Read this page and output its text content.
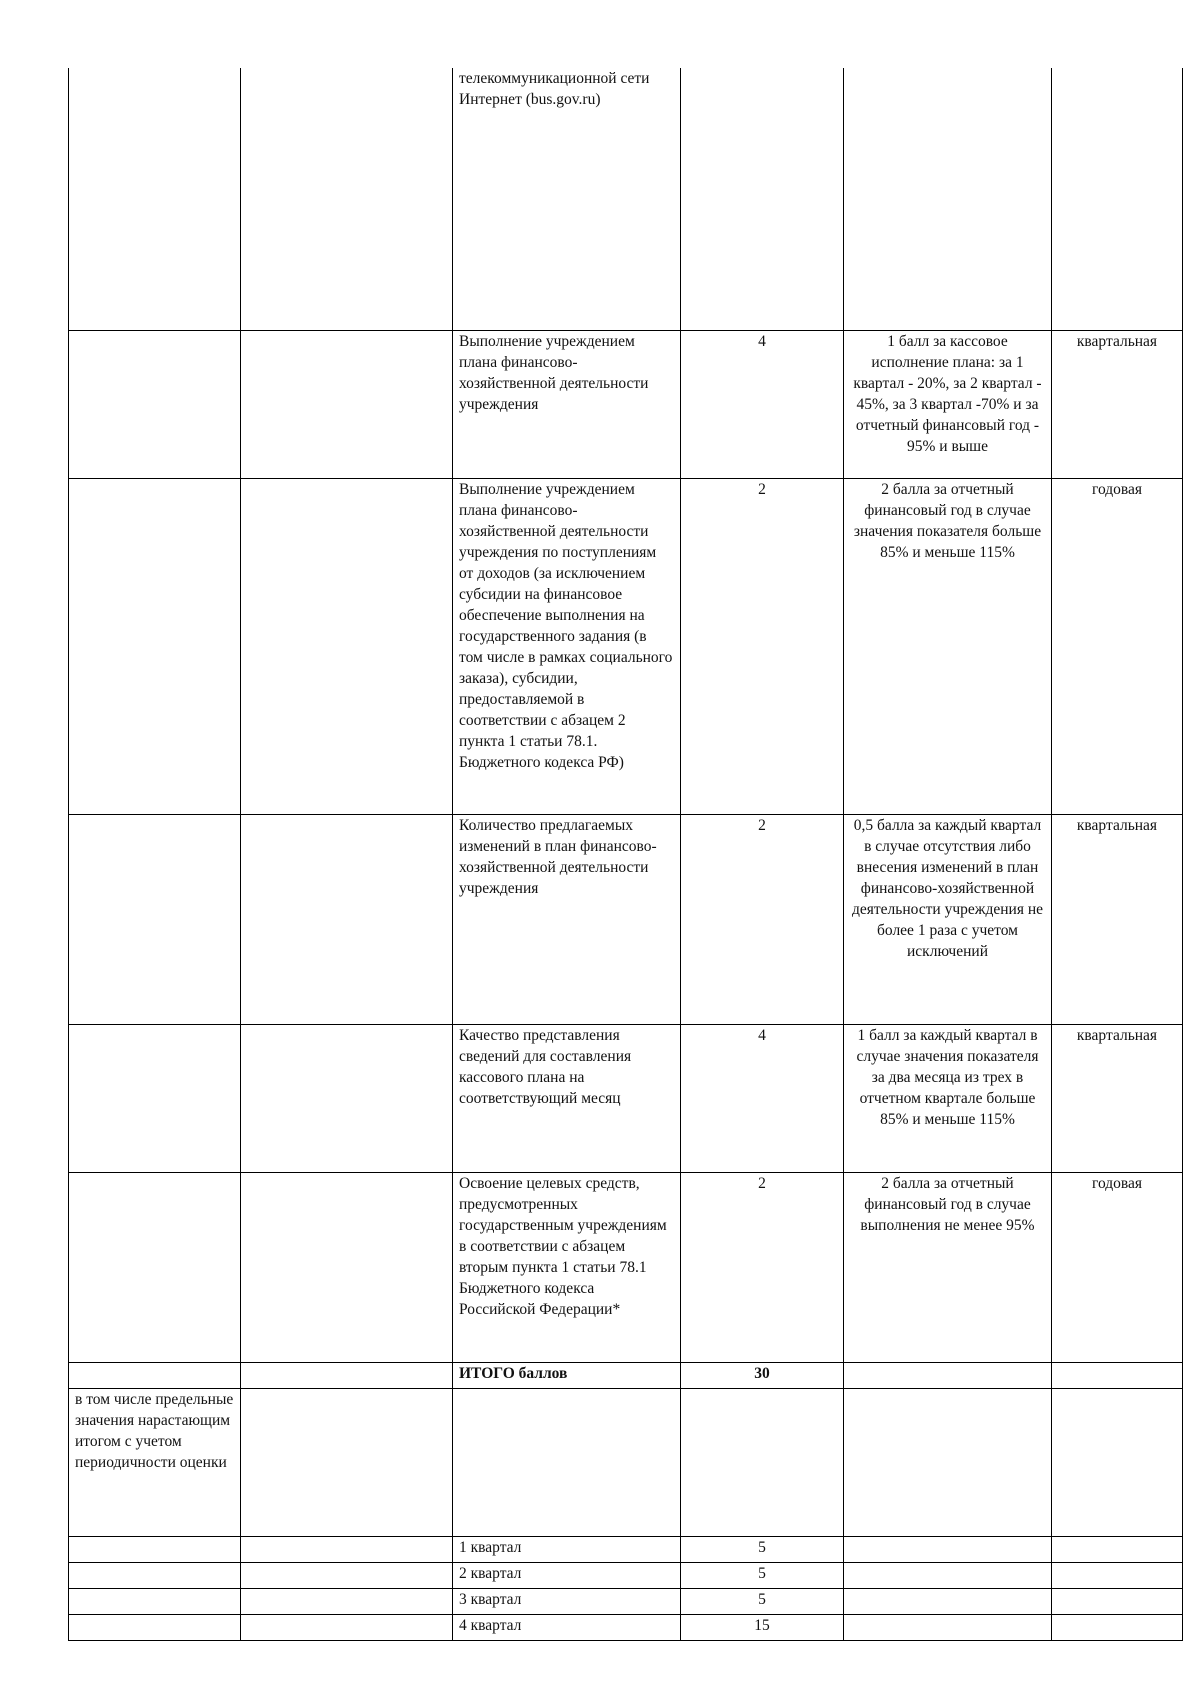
		телекоммуникационной сети Интернет (bus.gov.ru)			
		Выполнение учреждением плана финансово-хозяйственной деятельности учреждения	4	1 балл за кассовое исполнение плана: за 1 квартал - 20%, за 2 квартал - 45%, за 3 квартал -70% и за отчетный финансовый год - 95% и выше	квартальная
		Выполнение учреждением плана финансово-хозяйственной деятельности учреждения по поступлениям от доходов (за исключением субсидии на финансовое обеспечение выполнения на государственного задания (в том числе в рамках социального заказа), субсидии, предоставляемой в соответствии с абзацем 2 пункта 1 статьи 78.1. Бюджетного кодекса РФ)	2	2 балла за отчетный финансовый год в случае значения показателя больше 85% и меньше 115%	годовая
		Количество предлагаемых изменений в план финансово-хозяйственной деятельности учреждения	2	0,5 балла за каждый квартал в случае отсутствия либо внесения изменений в план финансово-хозяйственной деятельности учреждения не более 1 раза с учетом исключений	квартальная
		Качество представления сведений для составления кассового плана на соответствующий месяц	4	1 балл за каждый квартал в случае значения показателя за два месяца из трех в отчетном квартале больше 85% и меньше 115%	квартальная
		Освоение целевых средств, предусмотренных государственным учреждениям в соответствии с абзацем вторым пункта 1 статьи 78.1 Бюджетного кодекса Российской Федерации*	2	2 балла за отчетный финансовый год в случае выполнения не менее 95%	годовая
		ИТОГО баллов	30		
в том числе предельные значения нарастающим итогом с учетом периодичности оценки					
		1 квартал	5		
		2 квартал	5		
		3 квартал	5		
		4 квартал	15		
